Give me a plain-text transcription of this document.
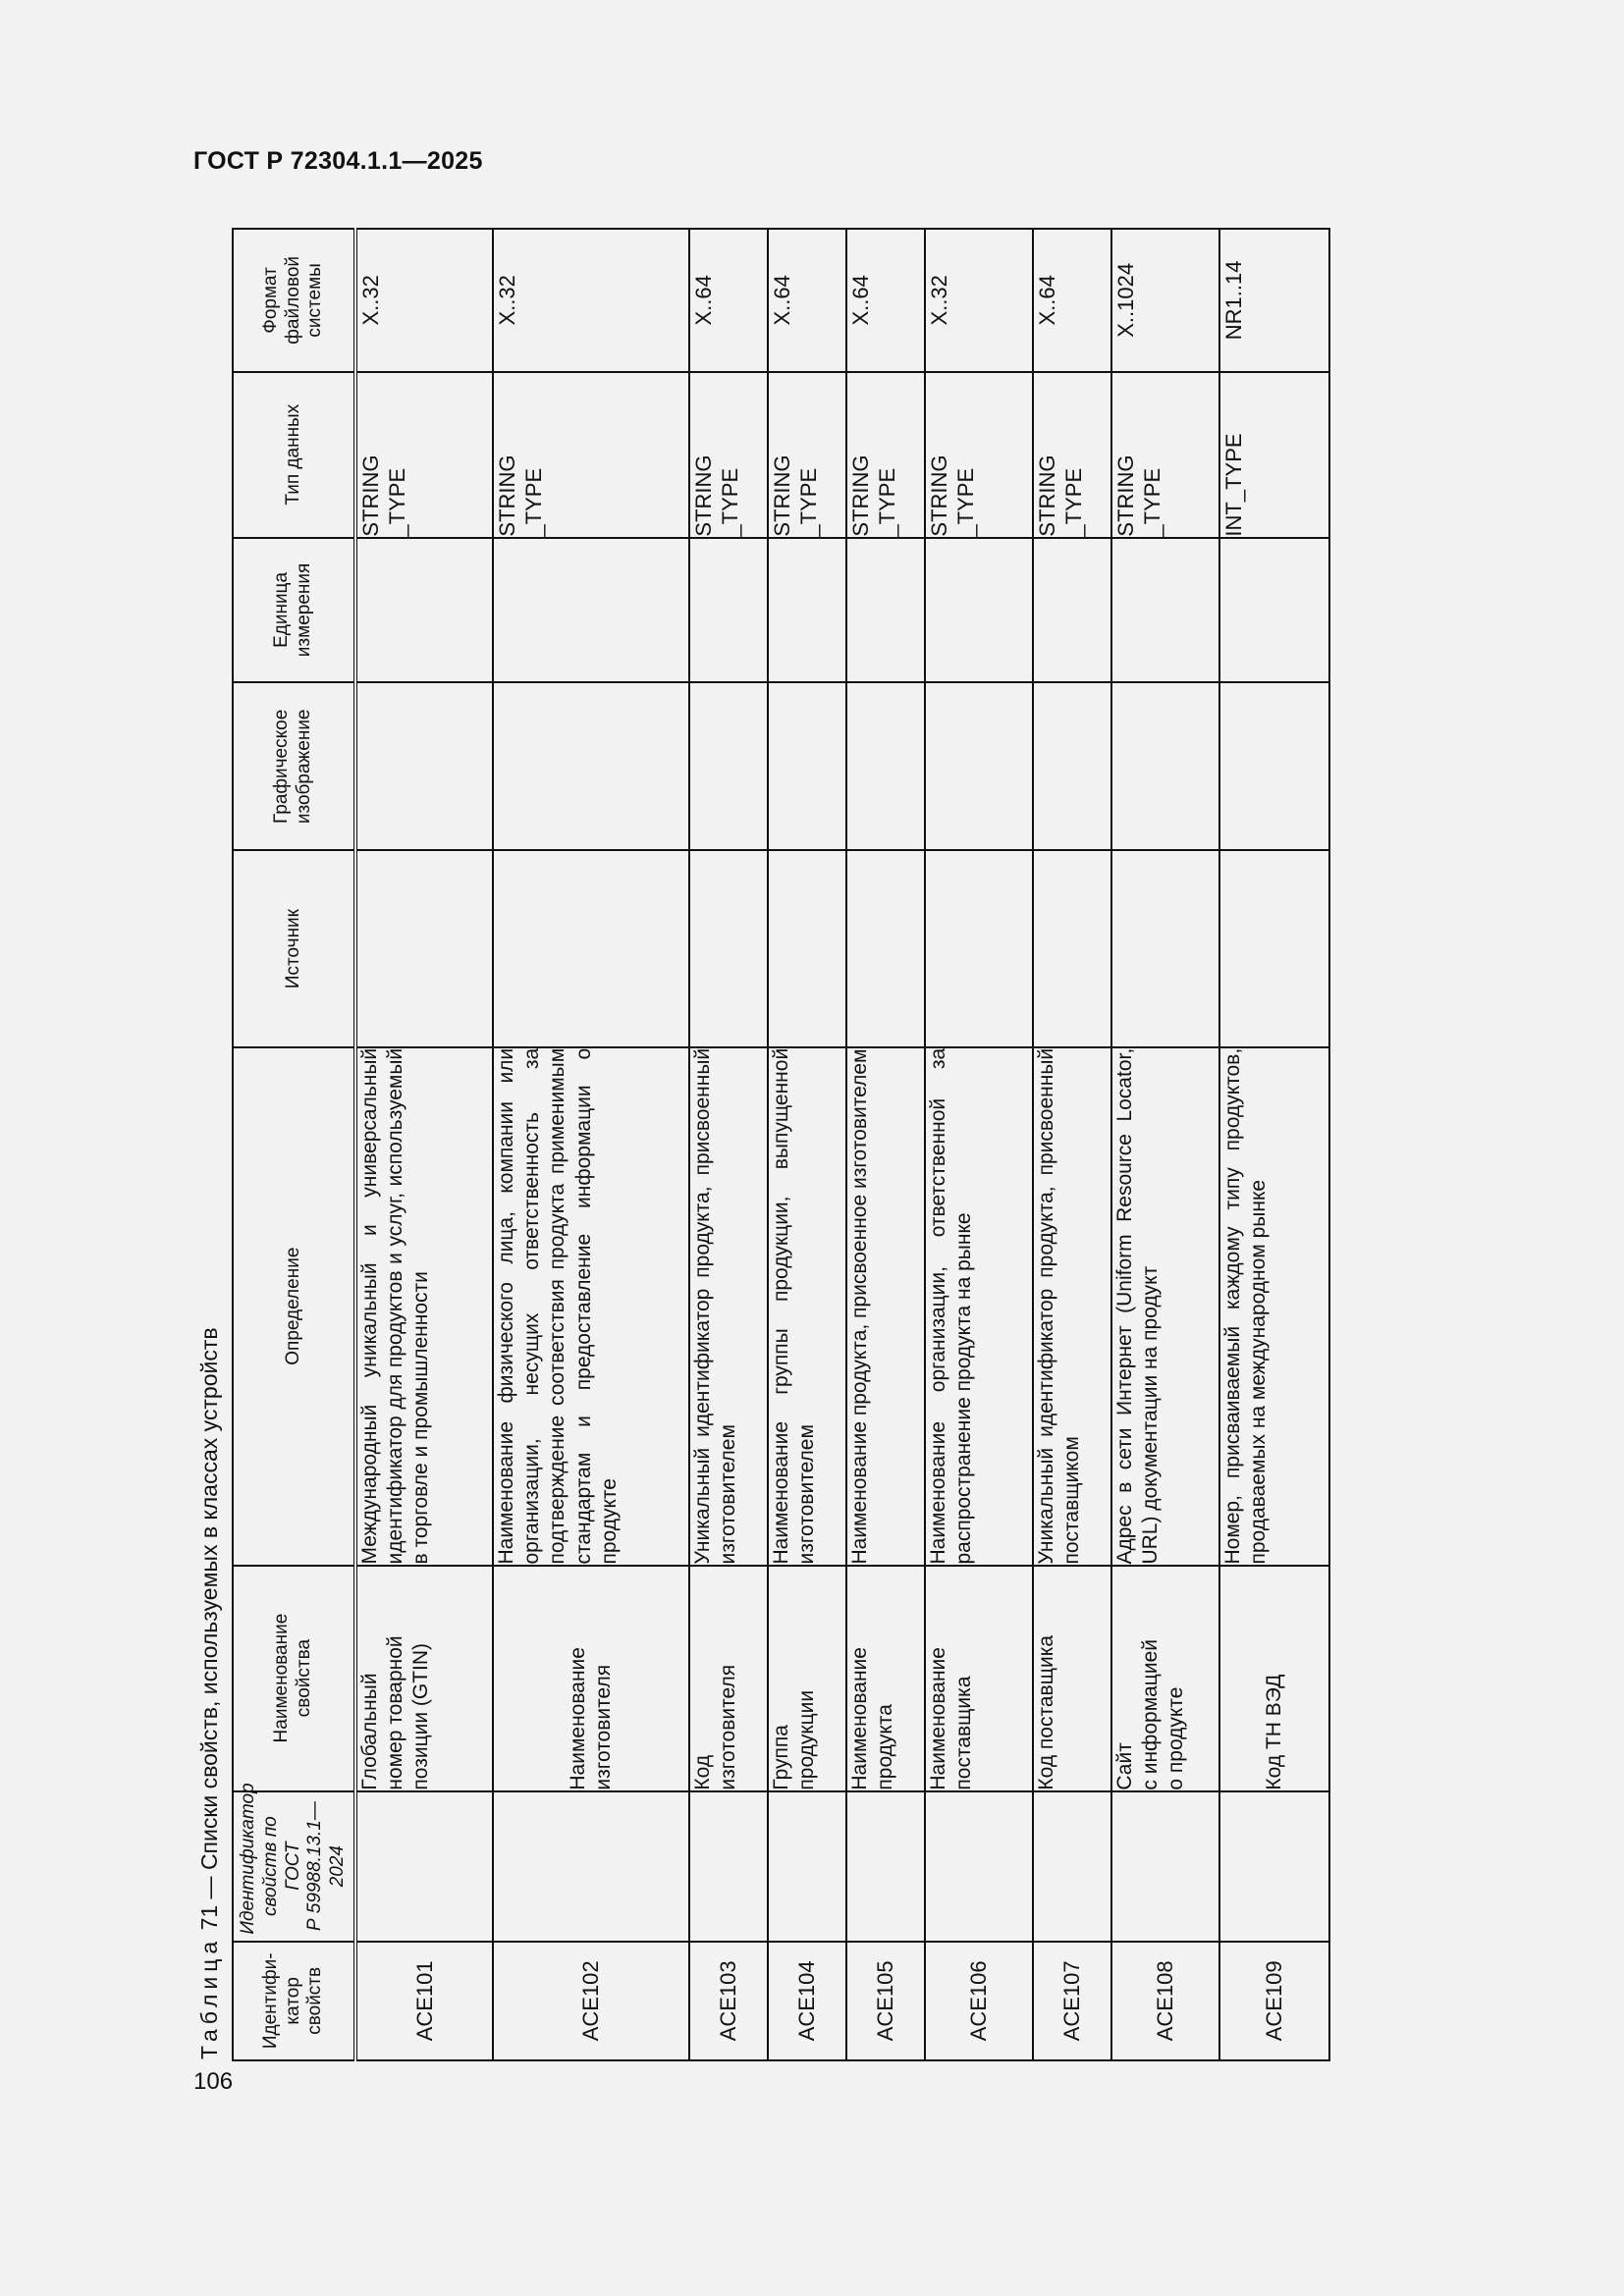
ГОСТ Р 72304.1.1—2025
Таблица 71 — Списки свойств, используемых в классах устройств
Идентифи-
катор
свойств	Идентификатор
свойств по ГОСТ
Р 59988.13.1—
2024	Наименование
свойства	Определение	Источник	Графическое
изображение	Единица
измерения	Тип данных	Формат
файловой
системы
ACE101		Глобальный
номер товарной
позиции (GTIN)	Международный уникальный и универсальный идентификатор для продуктов и услуг, используемый в торговле и промышленности				STRING
_TYPE	X..32
ACE102		Наименование
изготовителя	Наименование физического лица, компании или организации, несущих ответственность за подтверждение соответствия продукта применимым стандартам и предоставление информации о продукте				STRING
_TYPE	X..32
ACE103		Код
изготовителя	Уникальный идентификатор продукта, присвоенный изготовителем				STRING
_TYPE	X..64
ACE104		Группа
продукции	Наименование группы продукции, выпущенной изготовителем				STRING
_TYPE	X..64
ACE105		Наименование
продукта	Наименование продукта, присвоенное изготовителем				STRING
_TYPE	X..64
ACE106		Наименование
поставщика	Наименование организации, ответственной за распространение продукта на рынке				STRING
_TYPE	X..32
ACE107		Код поставщика	Уникальный идентификатор продукта, присвоенный поставщиком				STRING
_TYPE	X..64
ACE108		Сайт
с информацией
о продукте	Адрес в сети Интернет (Uniform Resource Locator, URL) документации на продукт				STRING
_TYPE	X..1024
ACE109		Код ТН ВЭД	Номер, присваиваемый каждому типу продуктов, продаваемых на международном рынке				INT_TYPE	NR1..14
106
